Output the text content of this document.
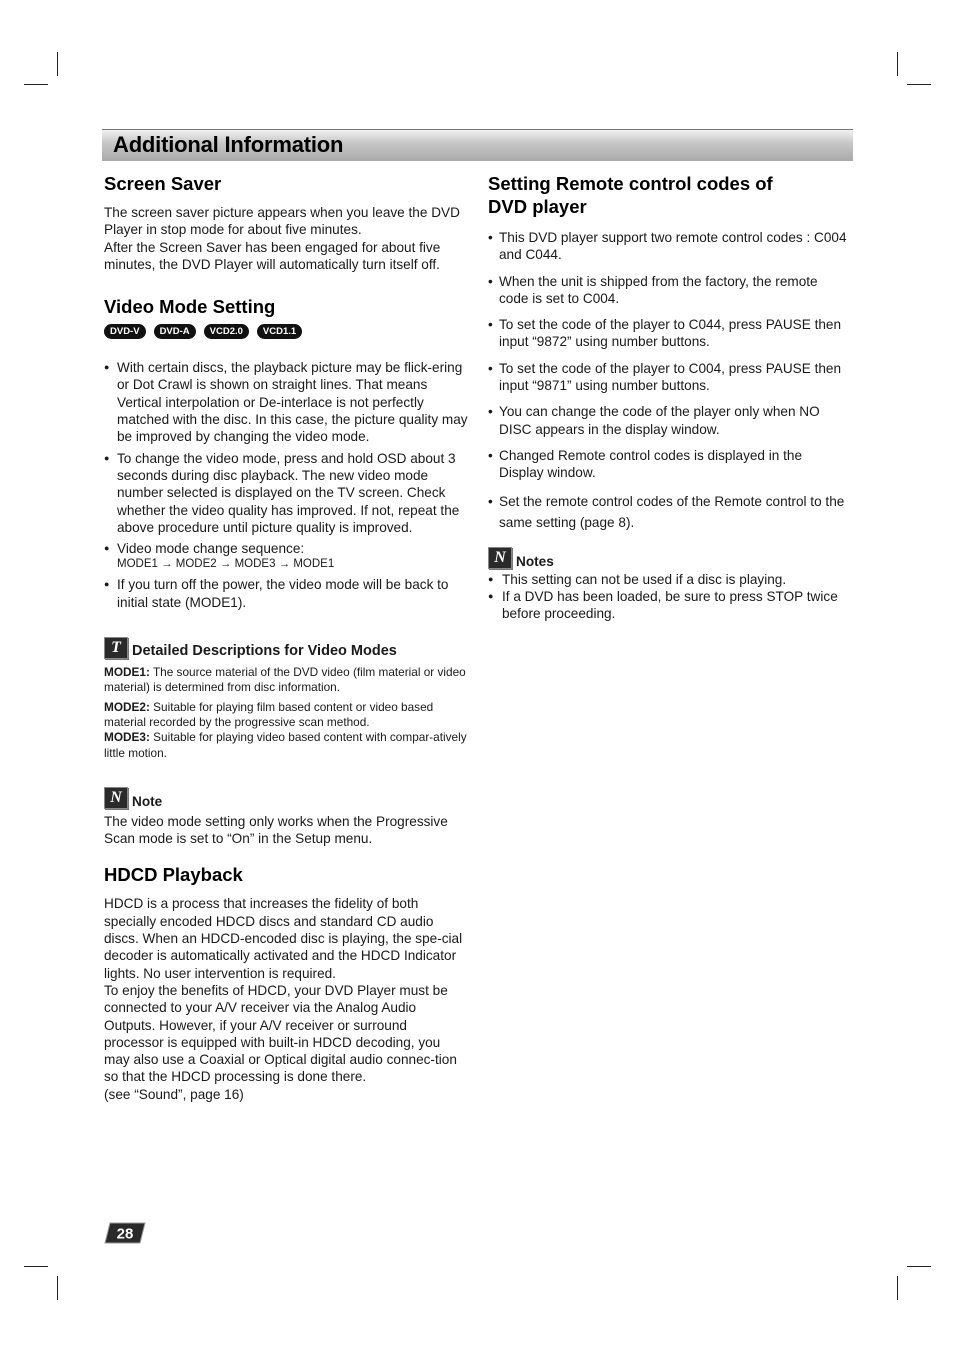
Additional Information
Screen Saver

The screen saver picture appears when you leave the DVD Player in stop mode for about five minutes.

After the Screen Saver has been engaged for about five minutes, the DVD Player will automatically turn itself off.

Video Mode Setting
DVD-V	DVD-A	VCD2.0	VCD1.1
● With certain discs, the playback picture may be flick-ering or Dot Crawl is shown on straight lines. That means Vertical interpolation or De-interlace is not perfectly matched with the disc. In this case, the picture quality may be improved by changing the video mode.
● To change the video mode, press and hold OSD about 3 seconds during disc playback. The new video mode number selected is displayed on the TV screen. Check whether the video quality has improved. If not, repeat the above procedure until picture quality is improved.
● Video mode change sequence:
MODE1 → MODE2 → MODE3 → MODE1
● If you turn off the power, the video mode will be back to initial state (MODE1).
T Detailed Descriptions for Video Modes

MODE1: The source material of the DVD video (film material or video material) is determined from disc information.

MODE2: Suitable for playing film based content or video based material recorded by the progressive scan method.

MODE3: Suitable for playing video based content with compar-atively little motion.

N Note

The video mode setting only works when the Progressive Scan mode is set to “On” in the Setup menu.

HDCD Playback

HDCD is a process that increases the fidelity of both specially encoded HDCD discs and standard CD audio discs. When an HDCD-encoded disc is playing, the spe-cial decoder is automatically activated and the HDCD Indicator lights. No user intervention is required.

To enjoy the benefits of HDCD, your DVD Player must be connected to your A/V receiver via the Analog Audio Outputs. However, if your A/V receiver or surround processor is equipped with built-in HDCD decoding, you may also use a Coaxial or Optical digital audio connec-tion so that the HDCD processing is done there.

(see “Sound”, page 16)

Setting Remote control codes of DVD player
• This DVD player support two remote control codes : C004 and C044.
• When the unit is shipped from the factory, the remote code is set to C004.
• To set the code of the player to C044, press PAUSE then input “9872” using number buttons.
• To set the code of the player to C004, press PAUSE then input “9871” using number buttons.
• You can change the code of the player only when NO DISC appears in the display window.
• Changed Remote control codes is displayed in the Display window.
• Set the remote control codes of the Remote control to the same setting (page 8).
N Notes
● This setting can not be used if a disc is playing.
● If a DVD has been loaded, be sure to press STOP twice before proceeding.
28
